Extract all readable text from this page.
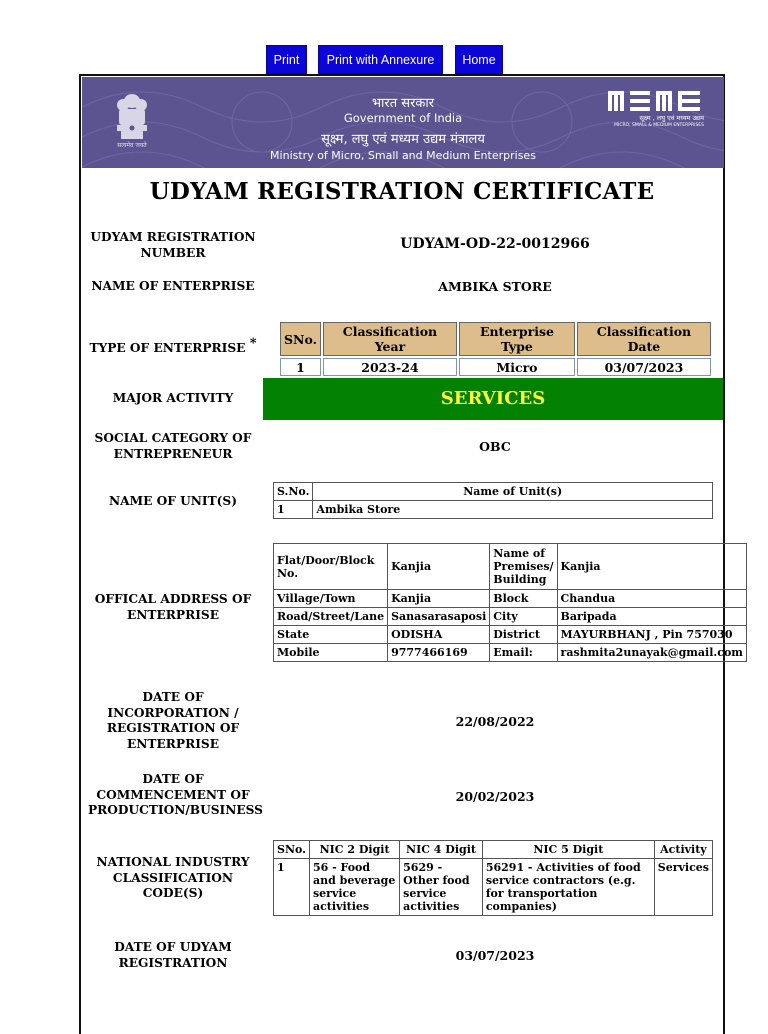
Print	Print with Annexure	Home
सत्यमेव जयते
भारत सरकार
Government of India
सूक्ष्म, लघु एवं मध्यम उद्यम मंत्रालय
Ministry of Micro, Small and Medium Enterprises
सूक्ष्म , लघु एवं मध्यम उद्यम
MICRO, SMALL & MEDIUM ENTERPRISES
UDYAM REGISTRATION CERTIFICATE
UDYAM REGISTRATION NUMBER
UDYAM-OD-22-0012966
NAME OF ENTERPRISE	AMBIKA STORE
TYPE OF ENTERPRISE * SNo.	Classification Year	Enterprise Type	Classification Date
1	2023-24	Micro	03/07/2023
MAJOR ACTIVITY	SERVICES
SOCIAL CATEGORY OF ENTREPRENEUR	OBC
NAME OF UNIT(S)
S.No.	Name of Unit(s)
1	Ambika Store
OFFICAL ADDRESS OF ENTERPRISE
Flat/Door/Block No.	Kanjia	Name of Premises/ Building	Kanjia
Village/Town	Kanjia	Block	Chandua
Road/Street/Lane	Sanasarasaposi	City	Baripada
State	ODISHA	District	MAYURBHANJ , Pin 757030
Mobile	9777466169	Email:	rashmita2unayak@gmail.com
DATE OF INCORPORATION / REGISTRATION OF ENTERPRISE
22/08/2022
DATE OF COMMENCEMENT OF PRODUCTION/BUSINESS
20/02/2023
NATIONAL INDUSTRY CLASSIFICATION CODE(S)
SNo.	NIC 2 Digit	NIC 4 Digit	NIC 5 Digit	Activity
1	56 - Food and beverage service activities	5629 - Other food service activities	56291 - Activities of food service contractors (e.g. for transportation companies)	Services
DATE OF UDYAM REGISTRATION	03/07/2023
